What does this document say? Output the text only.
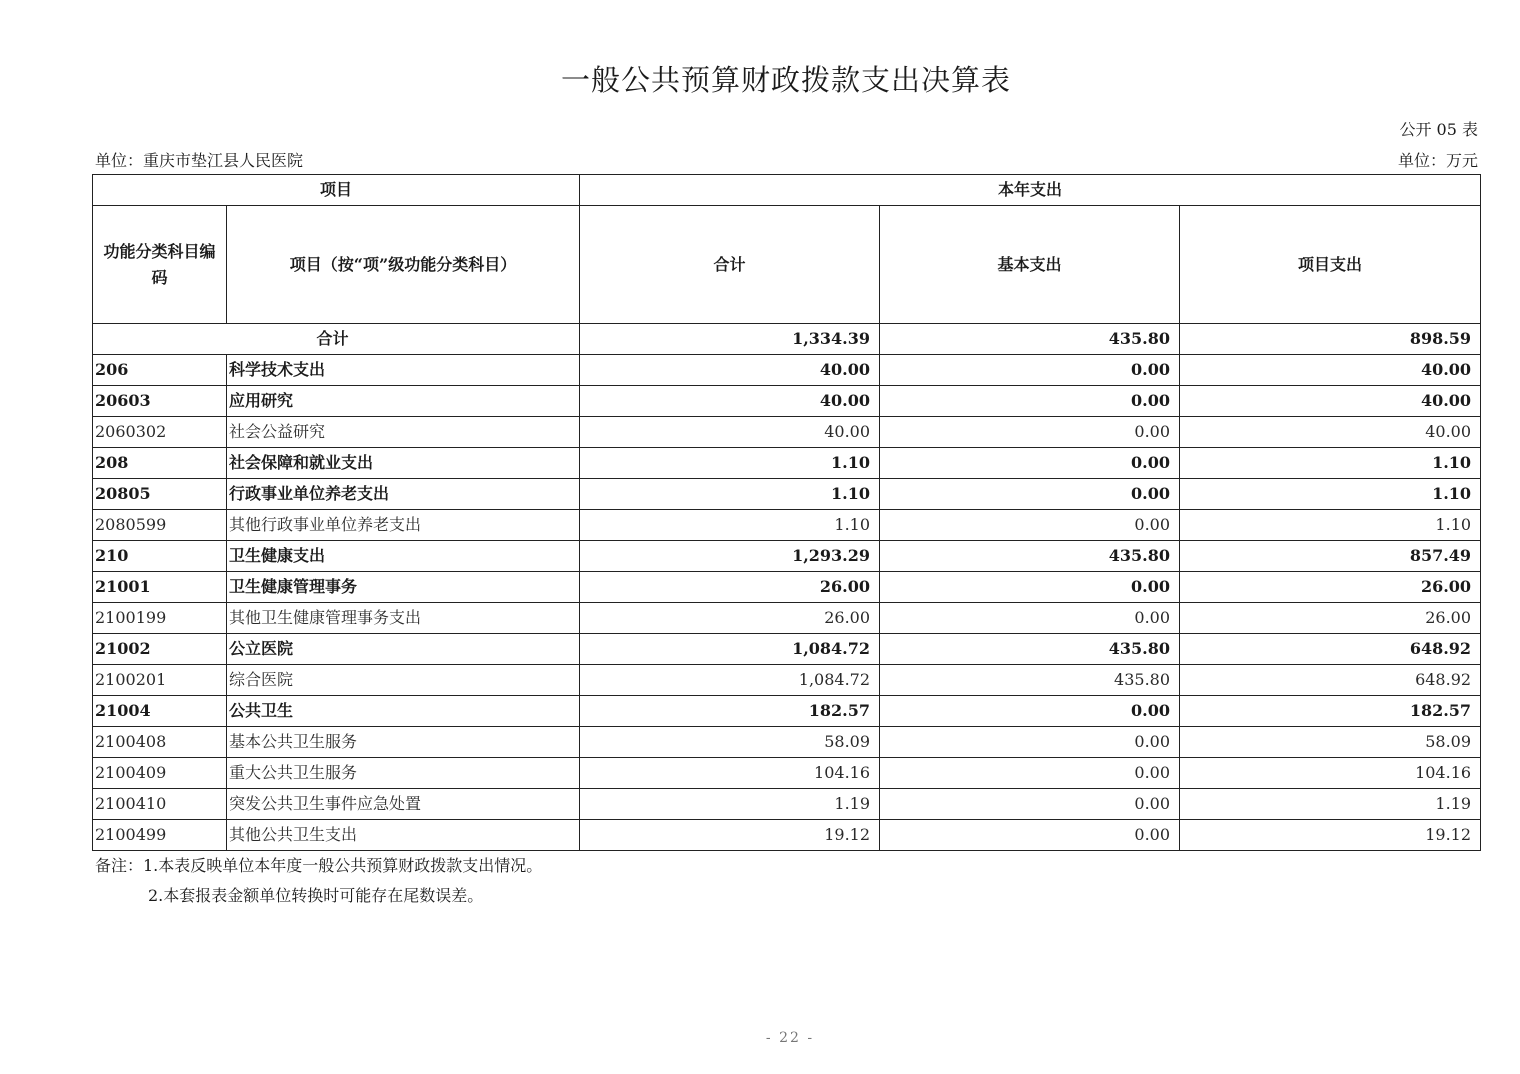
一般公共预算财政拨款支出决算表
公开 05 表
单位：重庆市垫江县人民医院	单位：万元
项目		本年支出		
功能分类科目编码	项目（按“项”级功能分类科目）	合计	基本支出	项目支出
合计		1,334.39	435.80	898.59
206	科学技术支出	40.00	0.00	40.00
20603	应用研究	40.00	0.00	40.00
2060302	社会公益研究	40.00	0.00	40.00
208	社会保障和就业支出	1.10	0.00	1.10
20805	行政事业单位养老支出	1.10	0.00	1.10
2080599	其他行政事业单位养老支出	1.10	0.00	1.10
210	卫生健康支出	1,293.29	435.80	857.49
21001	卫生健康管理事务	26.00	0.00	26.00
2100199	其他卫生健康管理事务支出	26.00	0.00	26.00
21002	公立医院	1,084.72	435.80	648.92
2100201	综合医院	1,084.72	435.80	648.92
21004	公共卫生	182.57	0.00	182.57
2100408	基本公共卫生服务	58.09	0.00	58.09
2100409	重大公共卫生服务	104.16	0.00	104.16
2100410	突发公共卫生事件应急处置	1.19	0.00	1.19
2100499	其他公共卫生支出	19.12	0.00	19.12
备注：1.本表反映单位本年度一般公共预算财政拨款支出情况。
2.本套报表金额单位转换时可能存在尾数误差。
- 22 -
